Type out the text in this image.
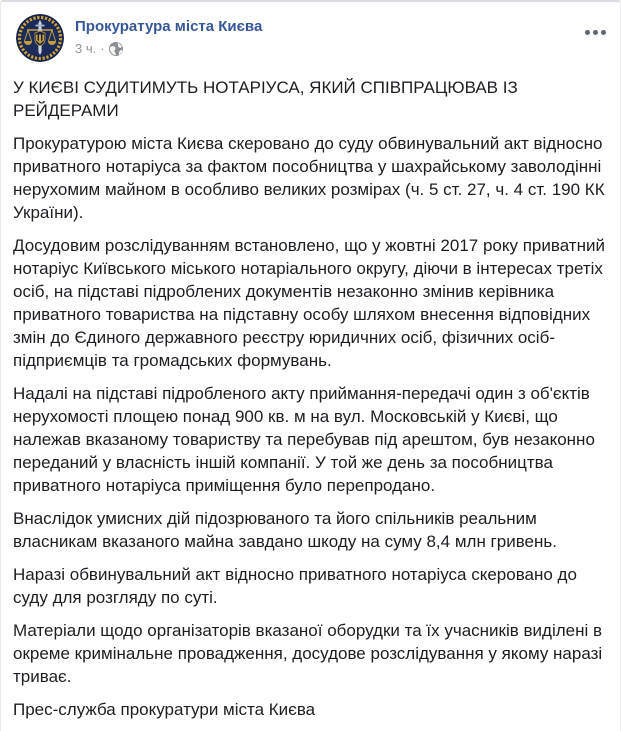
Прокуратура міста Києва
3 ч. ·

У КИЄВІ СУДИТИМУТЬ НОТАРІУСА, ЯКИЙ СПІВПРАЦЮВАВ ІЗ РЕЙДЕРАМИ

Прокуратурою міста Києва скеровано до суду обвинувальний акт відносно приватного нотаріуса за фактом пособництва у шахрайському заволодінні нерухомим майном в особливо великих розмірах (ч. 5 ст. 27, ч. 4 ст. 190 КК України).

Досудовим розслідуванням встановлено, що у жовтні 2017 року приватний нотаріус Київського міського нотаріального округу, діючи в інтересах третіх осіб, на підставі підроблених документів незаконно змінив керівника приватного товариства на підставну особу шляхом внесення відповідних змін до Єдиного державного реєстру юридичних осіб, фізичних осіб-підприємців та громадських формувань.

Надалі на підставі підробленого акту приймання-передачі один з об'єктів нерухомості площею понад 900 кв. м на вул. Московській у Києві, що належав вказаному товариству та перебував під арештом, був незаконно переданий у власність іншій компанії. У той же день за пособництва приватного нотаріуса приміщення було перепродано.

Внаслідок умисних дій підозрюваного та його спільників реальним власникам вказаного майна завдано шкоду на суму 8,4 млн гривень.

Наразі обвинувальний акт відносно приватного нотаріуса скеровано до суду для розгляду по суті.

Матеріали щодо організаторів вказаної оборудки та їх учасників виділені в окреме кримінальне провадження, досудове розслідування у якому наразі триває.

Прес-служба прокуратури міста Києва
